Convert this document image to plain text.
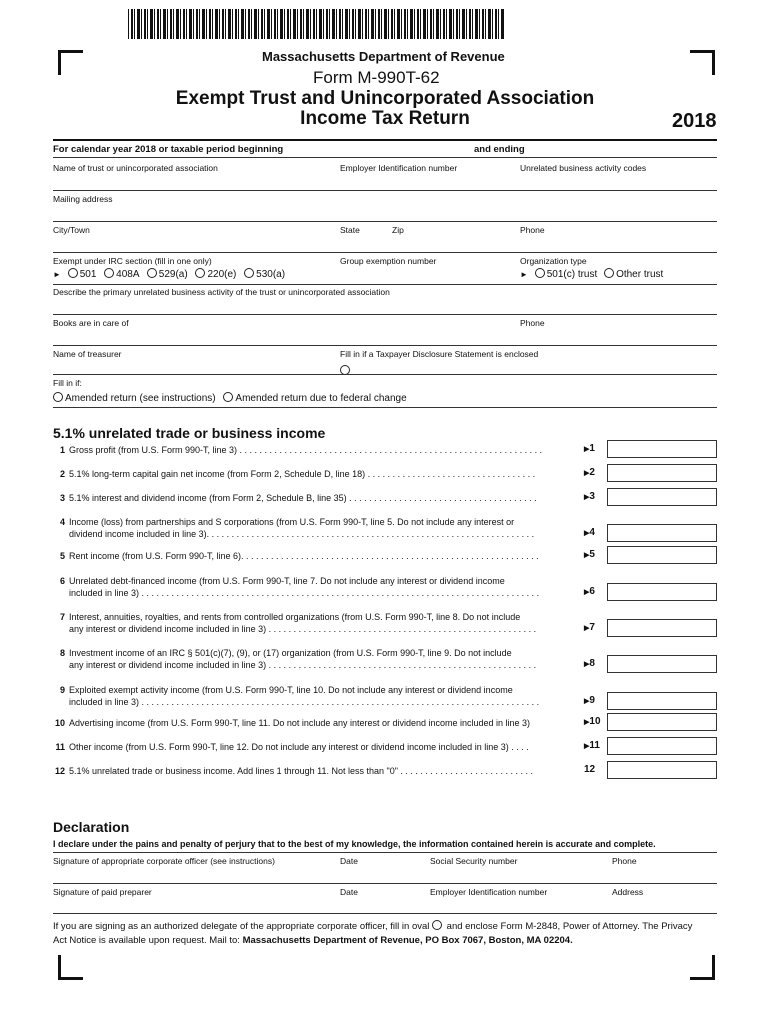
Massachusetts Department of Revenue
Form M-990T-62
Exempt Trust and Unincorporated Association
Income Tax Return	2018
For calendar year 2018 or taxable period beginning	and ending
Name of trust or unincorporated association	Employer Identification number	Unrelated business activity codes
Mailing address
City/Town	State	Zip	Phone
Exempt under IRC section (fill in one only)	Group exemption number	Organization type
► 501 408A 529(a) 220(e) 530(a)	► 501(c) trust Other trust
Describe the primary unrelated business activity of the trust or unincorporated association
Books are in care of	Phone
Name of treasurer	Fill in if a Taxpayer Disclosure Statement is enclosed
Fill in if:
Amended return (see instructions) Amended return due to federal change
5.1% unrelated trade or business income
1 Gross profit (from U.S. Form 990-T, line 3) . . . . . . . . . . . . . . . . . . . . . . . . . . . . . . . . . . . . . . . . . . . . . . . . . . . . . . . . . . . . .	▶1
2 5.1% long-term capital gain net income (from Form 2, Schedule D, line 18) . . . . . . . . . . . . . . . . . . . . . . . . . . . . . . . . . .	▶2
3 5.1% interest and dividend income (from Form 2, Schedule B, line 35) . . . . . . . . . . . . . . . . . . . . . . . . . . . . . . . . . . . . . .	▶3
4 Income (loss) from partnerships and S corporations (from U.S. Form 990-T, line 5. Do not include any interest or
dividend income included in line 3). . . . . . . . . . . . . . . . . . . . . . . . . . . . . . . . . . . . . . . . . . . . . . . . . . . . . . . . . . . . . . . . . .	▶4
5 Rent income (from U.S. Form 990-T, line 6). . . . . . . . . . . . . . . . . . . . . . . . . . . . . . . . . . . . . . . . . . . . . . . . . . . . . . . . . . . .	▶5
6 Unrelated debt-financed income (from U.S. Form 990-T, line 7. Do not include any interest or dividend income
included in line 3) . . . . . . . . . . . . . . . . . . . . . . . . . . . . . . . . . . . . . . . . . . . . . . . . . . . . . . . . . . . . . . . . . . . . . . . . . . . . . . . .	▶6
7 Interest, annuities, royalties, and rents from controlled organizations (from U.S. Form 990-T, line 8. Do not include
any interest or dividend income included in line 3) . . . . . . . . . . . . . . . . . . . . . . . . . . . . . . . . . . . . . . . . . . . . . . . . . . . . . .	▶7
8 Investment income of an IRC § 501(c)(7), (9), or (17) organization (from U.S. Form 990-T, line 9. Do not include
any interest or dividend income included in line 3) . . . . . . . . . . . . . . . . . . . . . . . . . . . . . . . . . . . . . . . . . . . . . . . . . . . . . .	▶8
9 Exploited exempt activity income (from U.S. Form 990-T, line 10. Do not include any interest or dividend income
included in line 3) . . . . . . . . . . . . . . . . . . . . . . . . . . . . . . . . . . . . . . . . . . . . . . . . . . . . . . . . . . . . . . . . . . . . . . . . . . . . . . . .	▶9
10 Advertising income (from U.S. Form 990-T, line 11. Do not include any interest or dividend income included in line 3)	▶10
11 Other income (from U.S. Form 990-T, line 12. Do not include any interest or dividend income included in line 3) . . . .	▶11
12 5.1% unrelated trade or business income. Add lines 1 through 11. Not less than "0" . . . . . . . . . . . . . . . . . . . . . . . . . . .	12
Declaration
I declare under the pains and penalty of perjury that to the best of my knowledge, the information contained herein is accurate and complete.
Signature of appropriate corporate officer (see instructions)	Date	Social Security number	Phone
Signature of paid preparer	Date	Employer Identification number	Address
If you are signing as an authorized delegate of the appropriate corporate officer, fill in oval and enclose Form M-2848, Power of Attorney. The Privacy
Act Notice is available upon request. Mail to: Massachusetts Department of Revenue, PO Box 7067, Boston, MA 02204.
